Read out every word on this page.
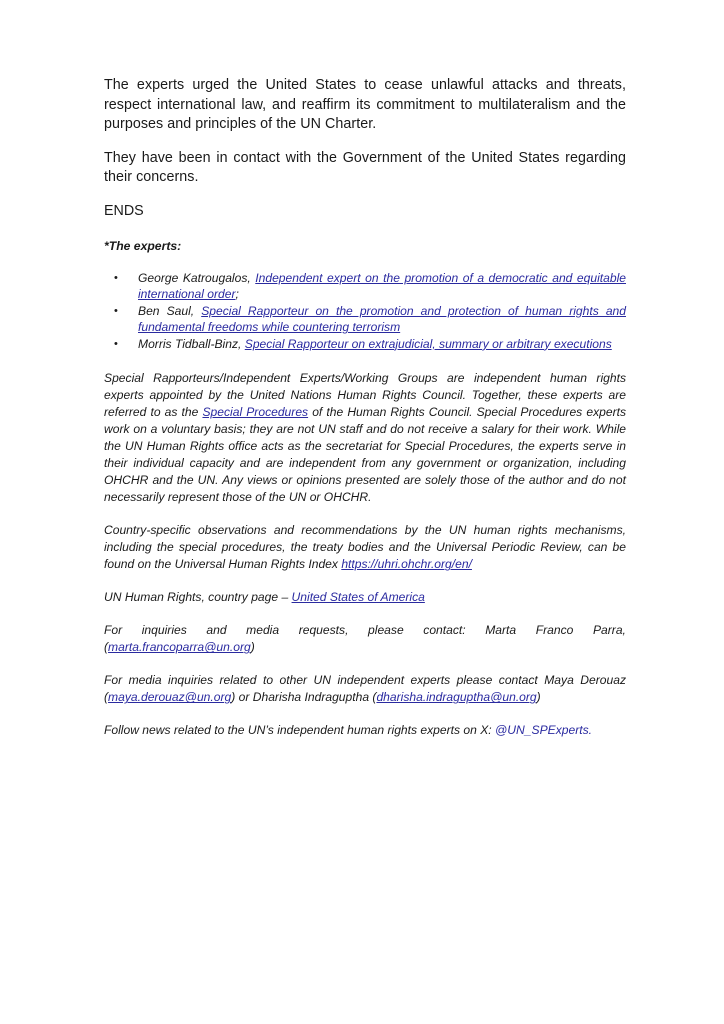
The experts urged the United States to cease unlawful attacks and threats, respect international law, and reaffirm its commitment to multilateralism and the purposes and principles of the UN Charter.

They have been in contact with the Government of the United States regarding their concerns.

ENDS

*The experts:

• George Katrougalos, Independent expert on the promotion of a democratic and equitable international order;
• Ben Saul, Special Rapporteur on the promotion and protection of human rights and fundamental freedoms while countering terrorism
• Morris Tidball-Binz, Special Rapporteur on extrajudicial, summary or arbitrary executions

Special Rapporteurs/Independent Experts/Working Groups are independent human rights experts appointed by the United Nations Human Rights Council. Together, these experts are referred to as the Special Procedures of the Human Rights Council. Special Procedures experts work on a voluntary basis; they are not UN staff and do not receive a salary for their work. While the UN Human Rights office acts as the secretariat for Special Procedures, the experts serve in their individual capacity and are independent from any government or organization, including OHCHR and the UN. Any views or opinions presented are solely those of the author and do not necessarily represent those of the UN or OHCHR.

Country-specific observations and recommendations by the UN human rights mechanisms, including the special procedures, the treaty bodies and the Universal Periodic Review, can be found on the Universal Human Rights Index https://uhri.ohchr.org/en/

UN Human Rights, country page – United States of America

For inquiries and media requests, please contact: Marta Franco Parra,
(marta.francoparra@un.org)

For media inquiries related to other UN independent experts please contact Maya Derouaz (maya.derouaz@un.org) or Dharisha Indraguptha (dharisha.indraguptha@un.org)

Follow news related to the UN’s independent human rights experts on X: @UN_SPExperts.
